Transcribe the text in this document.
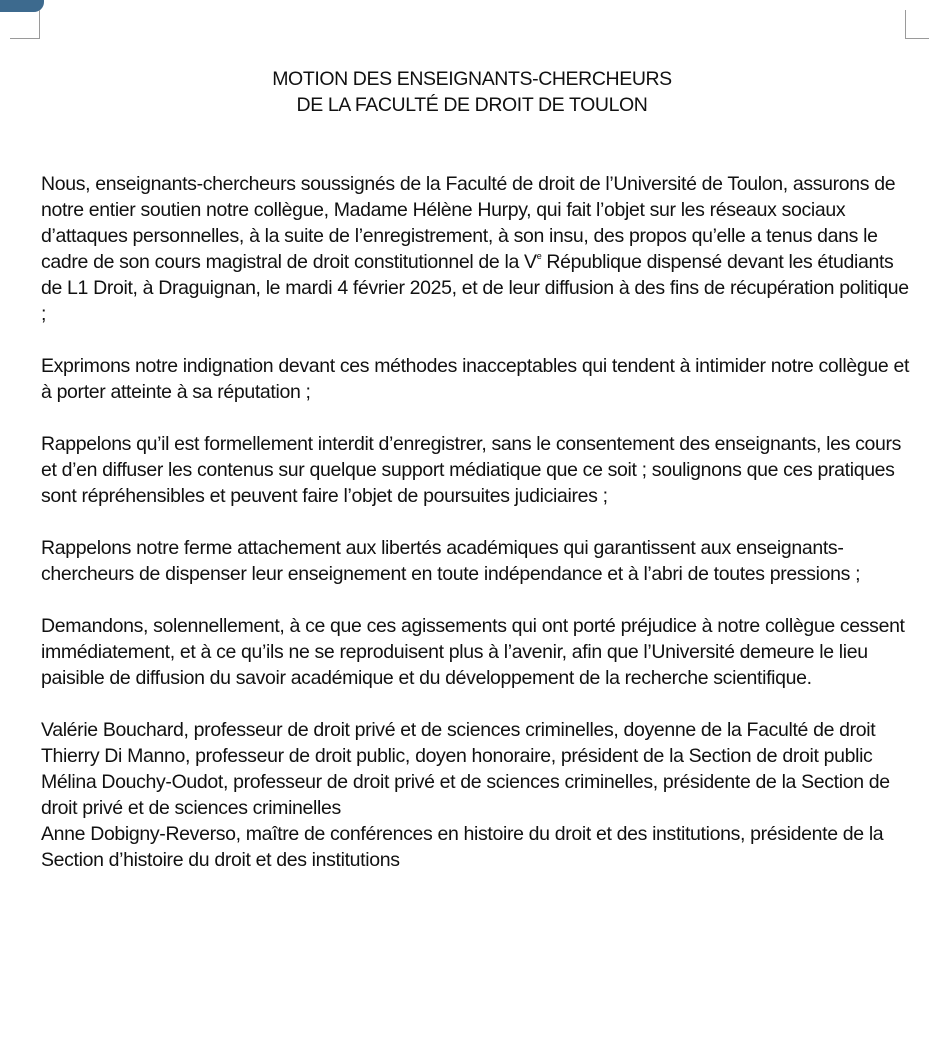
MOTION DES ENSEIGNANTS-CHERCHEURS
DE LA FACULTÉ DE DROIT DE TOULON

Nous, enseignants-chercheurs soussignés de la Faculté de droit de l’Université de Toulon, assurons de notre entier soutien notre collègue, Madame Hélène Hurpy, qui fait l’objet sur les réseaux sociaux d’attaques personnelles, à la suite de l’enregistrement, à son insu, des propos qu’elle a tenus dans le cadre de son cours magistral de droit constitutionnel de la Ve République dispensé devant les étudiants de L1 Droit, à Draguignan, le mardi 4 février 2025, et de leur diffusion à des fins de récupération politique ;

Exprimons notre indignation devant ces méthodes inacceptables qui tendent à intimider notre collègue et à porter atteinte à sa réputation ;

Rappelons qu’il est formellement interdit d’enregistrer, sans le consentement des enseignants, les cours et d’en diffuser les contenus sur quelque support médiatique que ce soit ; soulignons que ces pratiques sont répréhensibles et peuvent faire l’objet de poursuites judiciaires ;

Rappelons notre ferme attachement aux libertés académiques qui garantissent aux enseignants-chercheurs de dispenser leur enseignement en toute indépendance et à l’abri de toutes pressions ;

Demandons, solennellement, à ce que ces agissements qui ont porté préjudice à notre collègue cessent immédiatement, et à ce qu’ils ne se reproduisent plus à l’avenir, afin que l’Université demeure le lieu paisible de diffusion du savoir académique et du développement de la recherche scientifique.

Valérie Bouchard, professeur de droit privé et de sciences criminelles, doyenne de la Faculté de droit
Thierry Di Manno, professeur de droit public, doyen honoraire, président de la Section de droit public
Mélina Douchy-Oudot, professeur de droit privé et de sciences criminelles, présidente de la Section de droit privé et de sciences criminelles
Anne Dobigny-Reverso, maître de conférences en histoire du droit et des institutions, présidente de la Section d’histoire du droit et des institutions
